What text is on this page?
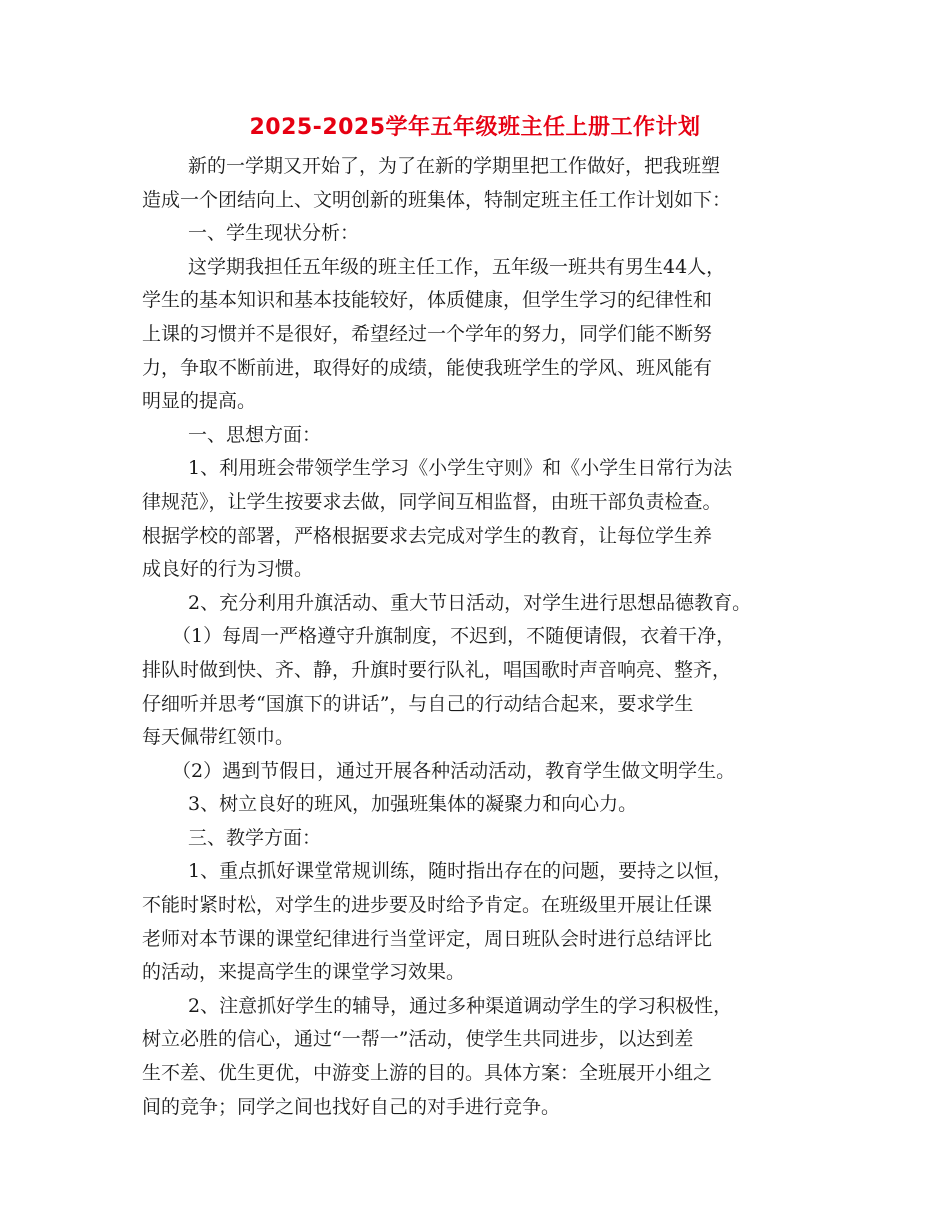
2025-2025学年五年级班主任上册工作计划
新的一学期又开始了，为了在新的学期里把工作做好，把我班塑
造成一个团结向上、文明创新的班集体，特制定班主任工作计划如下：
一、学生现状分析：
这学期我担任五年级的班主任工作，五年级一班共有男生44人，
学生的基本知识和基本技能较好，体质健康，但学生学习的纪律性和
上课的习惯并不是很好，希望经过一个学年的努力，同学们能不断努
力，争取不断前进，取得好的成绩，能使我班学生的学风、班风能有
明显的提高。
一、思想方面：
1、利用班会带领学生学习《小学生守则》和《小学生日常行为法
律规范》，让学生按要求去做，同学间互相监督，由班干部负责检查。
根据学校的部署，严格根据要求去完成对学生的教育，让每位学生养
成良好的行为习惯。
2、充分利用升旗活动、重大节日活动，对学生进行思想品德教育。
（1）每周一严格遵守升旗制度，不迟到，不随便请假，衣着干净，
排队时做到快、齐、静，升旗时要行队礼，唱国歌时声音响亮、整齐，
仔细听并思考“国旗下的讲话”，与自己的行动结合起来，要求学生
每天佩带红领巾。
（2）遇到节假日，通过开展各种活动活动，教育学生做文明学生。
3、树立良好的班风，加强班集体的凝聚力和向心力。
三、教学方面：
1、重点抓好课堂常规训练，随时指出存在的问题，要持之以恒，
不能时紧时松，对学生的进步要及时给予肯定。在班级里开展让任课
老师对本节课的课堂纪律进行当堂评定，周日班队会时进行总结评比
的活动，来提高学生的课堂学习效果。
2、注意抓好学生的辅导，通过多种渠道调动学生的学习积极性，
树立必胜的信心，通过“一帮一”活动，使学生共同进步，以达到差
生不差、优生更优，中游变上游的目的。具体方案：全班展开小组之
间的竞争；同学之间也找好自己的对手进行竞争。
